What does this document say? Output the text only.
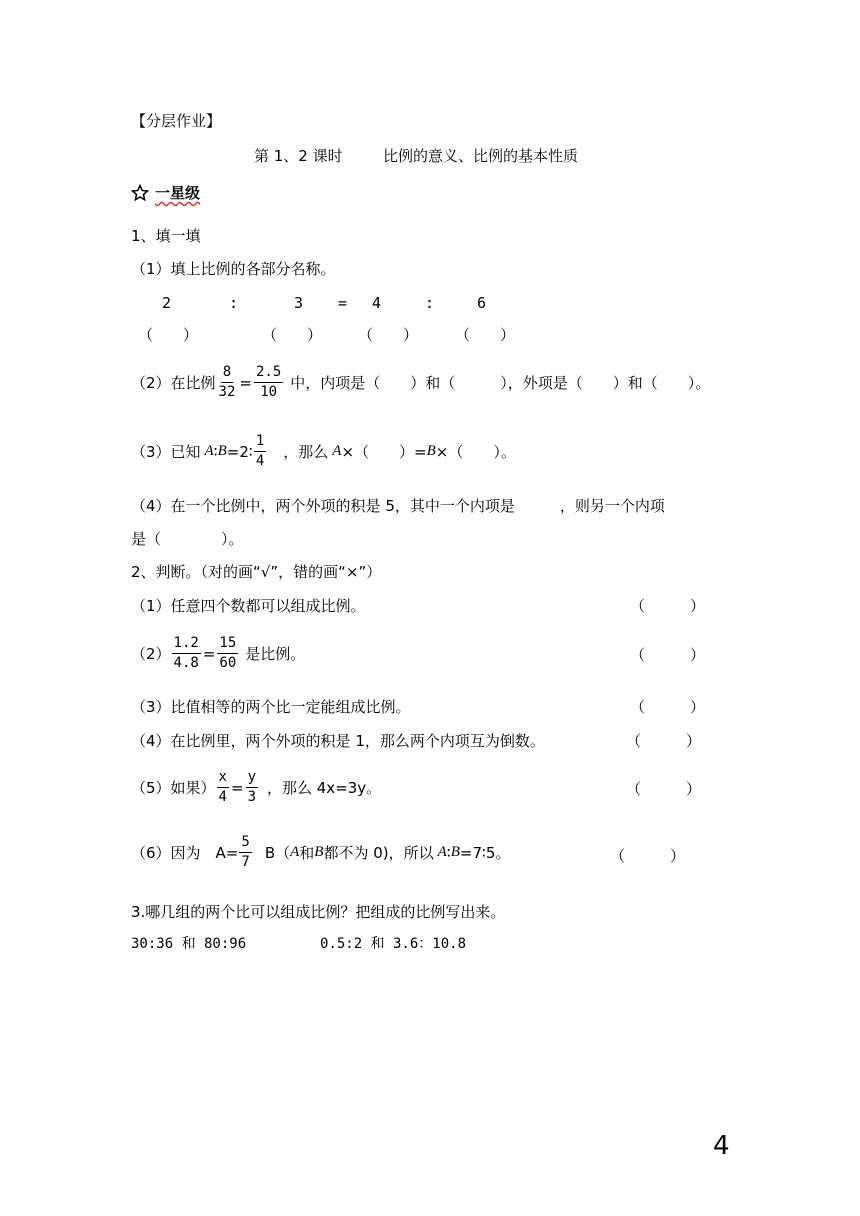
【分层作业】
第 1、2 课时	比例的意义、比例的基本性质
一星级
1、填一填
（1）填上比例的各部分名称。
2	:	3 = 4	:	6
（　　）	（　　） （　　） （　　）
（2）在比例 $\frac{8}{32} = \frac{2.5}{10}$ 中，内项是（　　）和（　　　），外项是（　　）和（　　）。
（3）已知 A ∶ B =2∶ $\frac{1}{4}$ ，那么 A ×（　　）= B ×（　　）。
（4）在一个比例中，两个外项的积是 5，其中一个内项是　　　，则另一个内项
是（　　　　）。
2、判断。（对的画“√”，错的画“×”）
（1）任意四个数都可以组成比例。	（　　　）
$(2) \frac{1.2}{4.8} = \frac{15}{60}$ 是比例。	（　　　）
（3）比值相等的两个比一定能组成比例。	（　　　）
（4）在比例里，两个外项的积是 1，那么两个内项互为倒数。	（　　　）
（5）如果） $\frac{x}{4} = \frac{y}{3}$ ，那么 4x=3y。	（　　　）
（6）因为　$A= \frac{5}{7} B$（ A 和 B 都不为 0)，所以 A ∶ B =7∶5。	（　　　）
3.哪几组的两个比可以组成比例？把组成的比例写出来。
30:36 和 80:96	0.5:2 和 3.6：10.8
4
